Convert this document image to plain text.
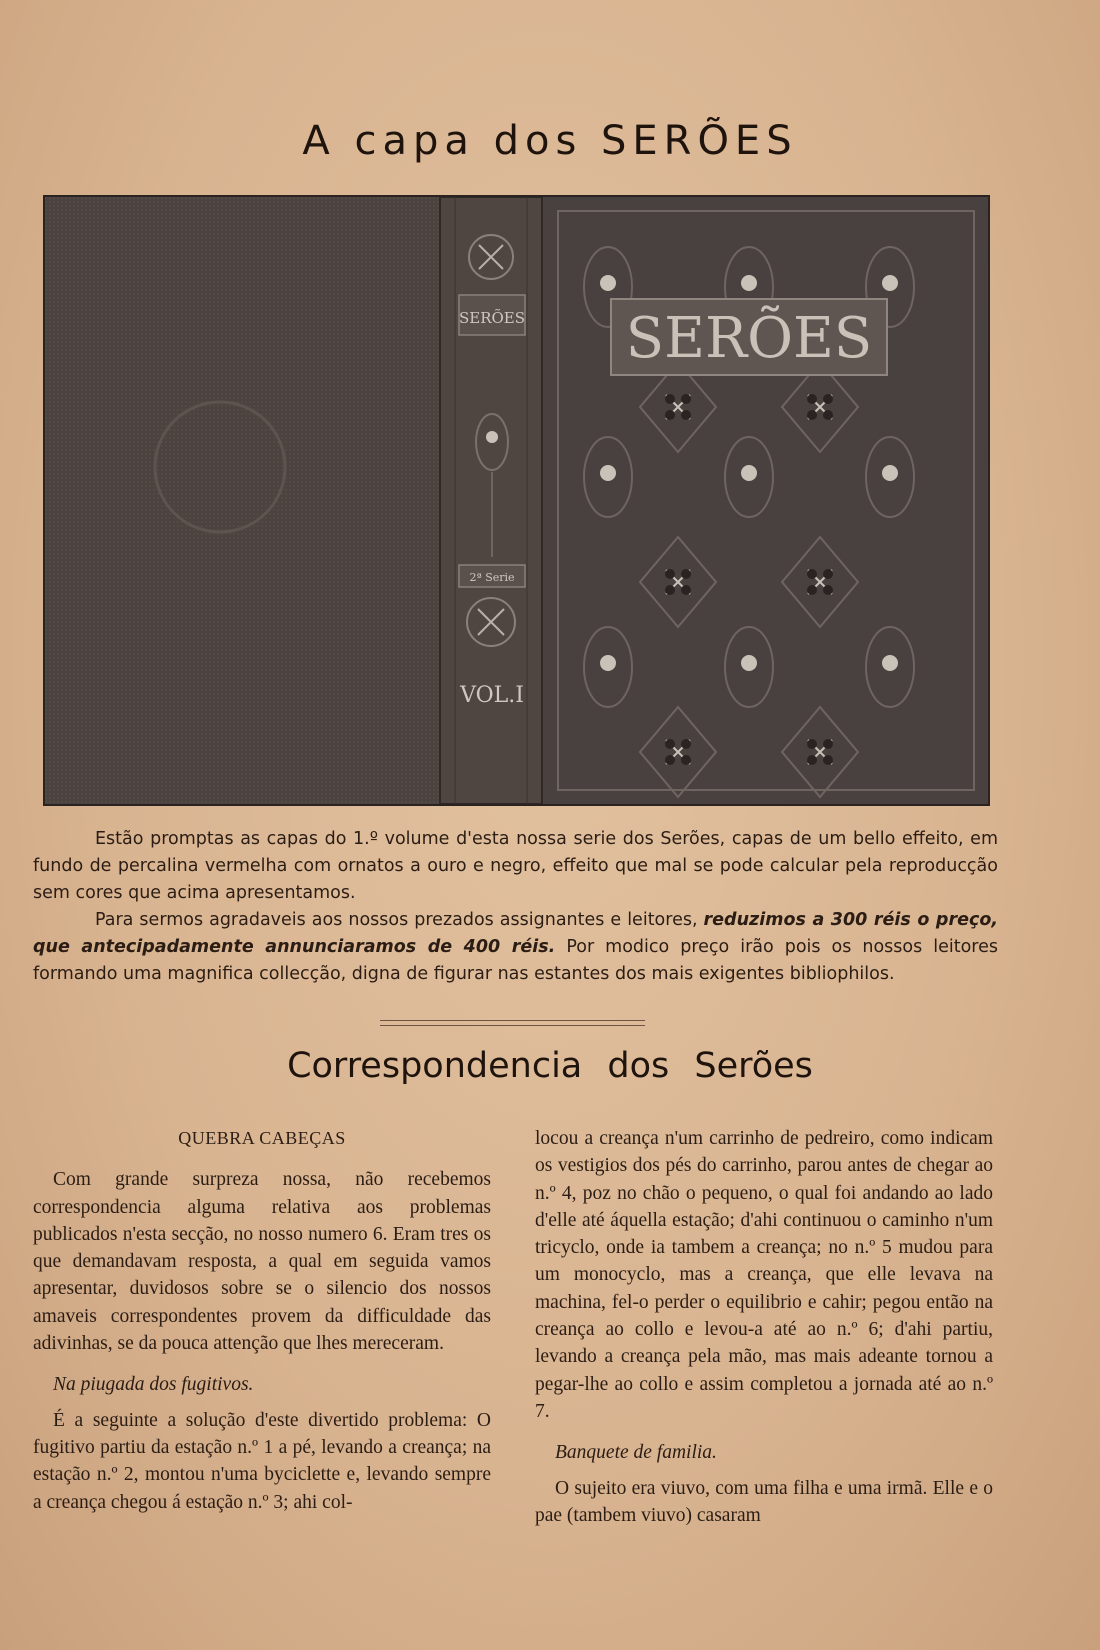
A capa dos SERÕES
SERÕES
2ª Serie
VOL.I
SERÕES

Estão promptas as capas do 1.º volume d'esta nossa serie dos Serões, capas de um bello effeito, em fundo de percalina vermelha com ornatos a ouro e negro, effeito que mal se pode calcular pela reproducção sem cores que acima apresentamos.

Para sermos agradaveis aos nossos prezados assignantes e leitores, reduzimos a 300 réis o preço, que antecipadamente annunciaramos de 400 réis. Por modico preço irão pois os nossos leitores formando uma magnifica collecção, digna de figurar nas estantes dos mais exigentes bibliophilos.

Correspondencia dos Serões

QUEBRA CABEÇAS

Com grande surpreza nossa, não recebemos correspondencia alguma relativa aos problemas publicados n'esta secção, no nosso numero 6. Eram tres os que demandavam resposta, a qual em seguida vamos apresentar, duvidosos sobre se o silencio dos nossos amaveis correspondentes provem da difficuldade das adivinhas, se da pouca attenção que lhes mereceram.

Na piugada dos fugitivos.

É a seguinte a solução d'este divertido problema: O fugitivo partiu da estação n.º 1 a pé, levando a creança; na estação n.º 2, montou n'uma byciclette e, levando sempre a creança chegou á estação n.º 3; ahi col-

locou a creança n'um carrinho de pedreiro, como indicam os vestigios dos pés do carrinho, parou antes de chegar ao n.º 4, poz no chão o pequeno, o qual foi andando ao lado d'elle até áquella estação; d'ahi continuou o caminho n'um tricyclo, onde ia tambem a creança; no n.º 5 mudou para um monocyclo, mas a creança, que elle levava na machina, fel-o perder o equilibrio e cahir; pegou então na creança ao collo e levou-a até ao n.º 6; d'ahi partiu, levando a creança pela mão, mas mais adeante tornou a pegar-lhe ao collo e assim completou a jornada até ao n.º 7.

Banquete de familia.

O sujeito era viuvo, com uma filha e uma irmã. Elle e o pae (tambem viuvo) casaram
